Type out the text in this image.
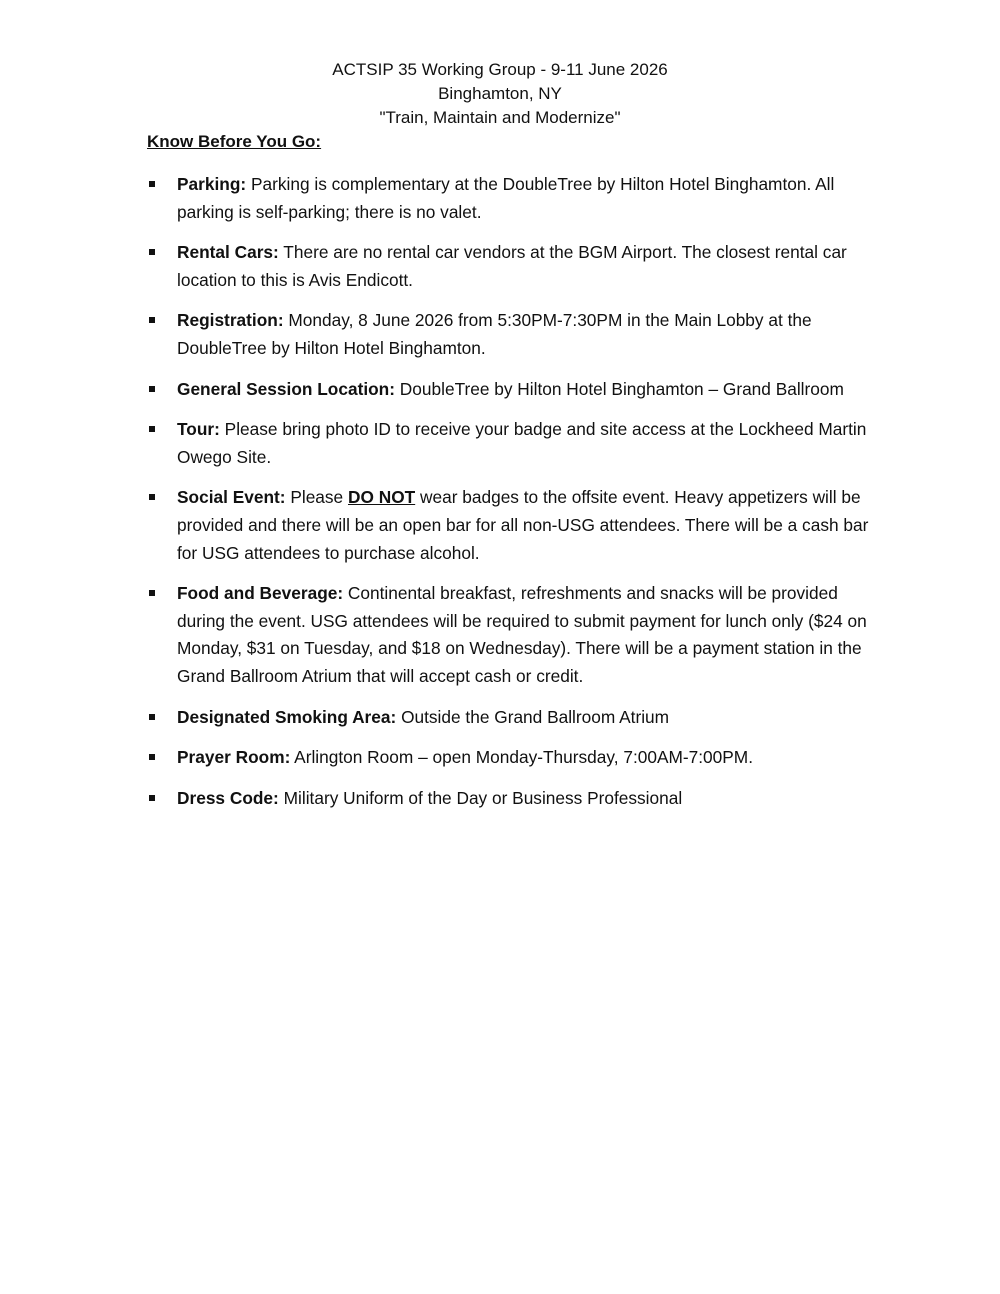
ACTSIP 35 Working Group - 9-11 June 2026
Binghamton, NY
"Train, Maintain and Modernize"
Know Before You Go:
Parking: Parking is complementary at the DoubleTree by Hilton Hotel Binghamton. All parking is self-parking; there is no valet.
Rental Cars: There are no rental car vendors at the BGM Airport. The closest rental car location to this is Avis Endicott.
Registration: Monday, 8 June 2026 from 5:30PM-7:30PM in the Main Lobby at the DoubleTree by Hilton Hotel Binghamton.
General Session Location: DoubleTree by Hilton Hotel Binghamton – Grand Ballroom
Tour: Please bring photo ID to receive your badge and site access at the Lockheed Martin Owego Site.
Social Event: Please DO NOT wear badges to the offsite event. Heavy appetizers will be provided and there will be an open bar for all non-USG attendees. There will be a cash bar for USG attendees to purchase alcohol.
Food and Beverage: Continental breakfast, refreshments and snacks will be provided during the event. USG attendees will be required to submit payment for lunch only ($24 on Monday, $31 on Tuesday, and $18 on Wednesday). There will be a payment station in the Grand Ballroom Atrium that will accept cash or credit.
Designated Smoking Area: Outside the Grand Ballroom Atrium
Prayer Room: Arlington Room – open Monday-Thursday, 7:00AM-7:00PM.
Dress Code: Military Uniform of the Day or Business Professional
